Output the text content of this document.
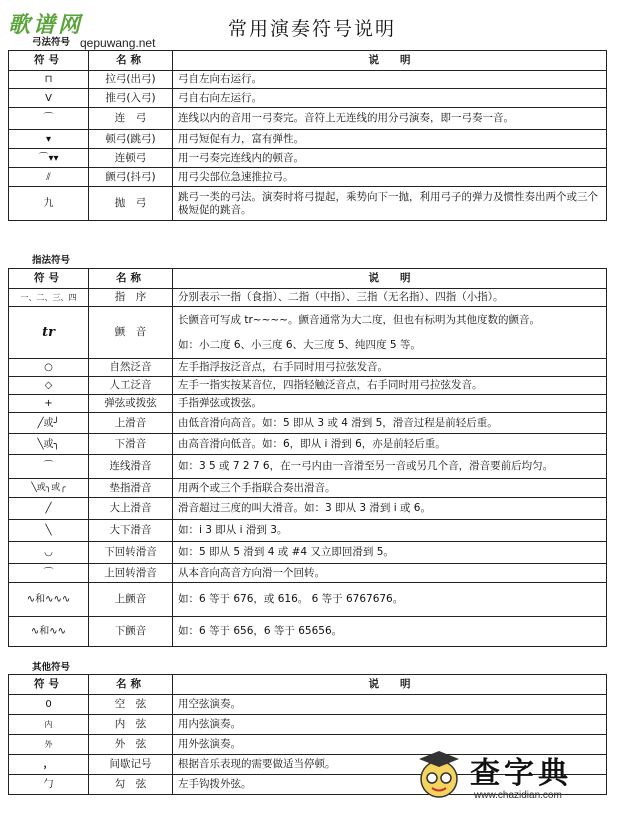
歌谱网
qepuwang.net
常用演奏符号说明
弓法符号
符号	名称	说　　明
⊓	拉弓(出弓)	弓自左向右运行。
V	推弓(入弓)	弓自右向左运行。
⌒	连　弓	连线以内的音用一弓奏完。音符上无连线的用分弓演奏，即一弓奏一音。
▾	顿弓(跳弓)	用弓短促有力，富有弹性。
⌒▾▾	连顿弓	用一弓奏完连线内的顿音。
⫽	颤弓(抖弓)	用弓尖部位急速推拉弓。
九	抛　弓	跳弓一类的弓法。演奏时将弓提起，乘势向下一抛，利用弓子的弹力及惯性奏出两个或三个极短促的跳音。
指法符号
符号	名称	说　　明
一、二、三、四	指　序	分别表示一指（食指）、二指（中指）、三指（无名指）、四指（小指）。
tr	颤　音	长颤音可写成 tr~~~~。颤音通常为大二度，但也有标明为其他度数的颤音。
如：小二度 6、小三度 6、大三度 5、纯四度 5 等。

○	自然泛音	左手指浮按泛音点，右手同时用弓拉弦发音。
◇	人工泛音	左手一指实按某音位，四指轻触泛音点，右手同时用弓拉弦发音。
+	弹弦或拨弦	手指弹弦或拨弦。
╱或╯	上滑音	由低音滑向高音。如：5 即从 3 或 4 滑到 5，滑音过程是前轻后重。
╲或╮	下滑音	由高音滑向低音。如：6，即从 i 滑到 6，亦是前轻后重。
⌒	连线滑音	如：3 5 或 7 2 7 6，在一弓内由一音滑至另一音或另几个音，滑音要前后均匀。
╲或╮或╭	垫指滑音	用两个或三个手指联合奏出滑音。
╱	大上滑音	滑音超过三度的叫大滑音。如：3 即从 3 滑到 i 或 6。
╲	大下滑音	如：i 3 即从 i 滑到 3。
◡	下回转滑音	如：5 即从 5 滑到 4 或 #4 又立即回滑到 5。
⌒	上回转滑音	从本音向高音方向滑一个回转。
∿和∿∿∿	上颤音	如：6 等于 676，或 616。 6 等于 6767676。
∿和∿∿	下颤音	如：6 等于 656，6 等于 65656。
其他符号
符号	名称	说　　明
0	空　弦	用空弦演奏。
内	内　弦	用内弦演奏。
外	外　弦	用外弦演奏。
，	间歇记号	根据音乐表现的需要做适当停顿。
勹	勾　弦	左手钩拨外弦。	查字典
www.chazidian.com
